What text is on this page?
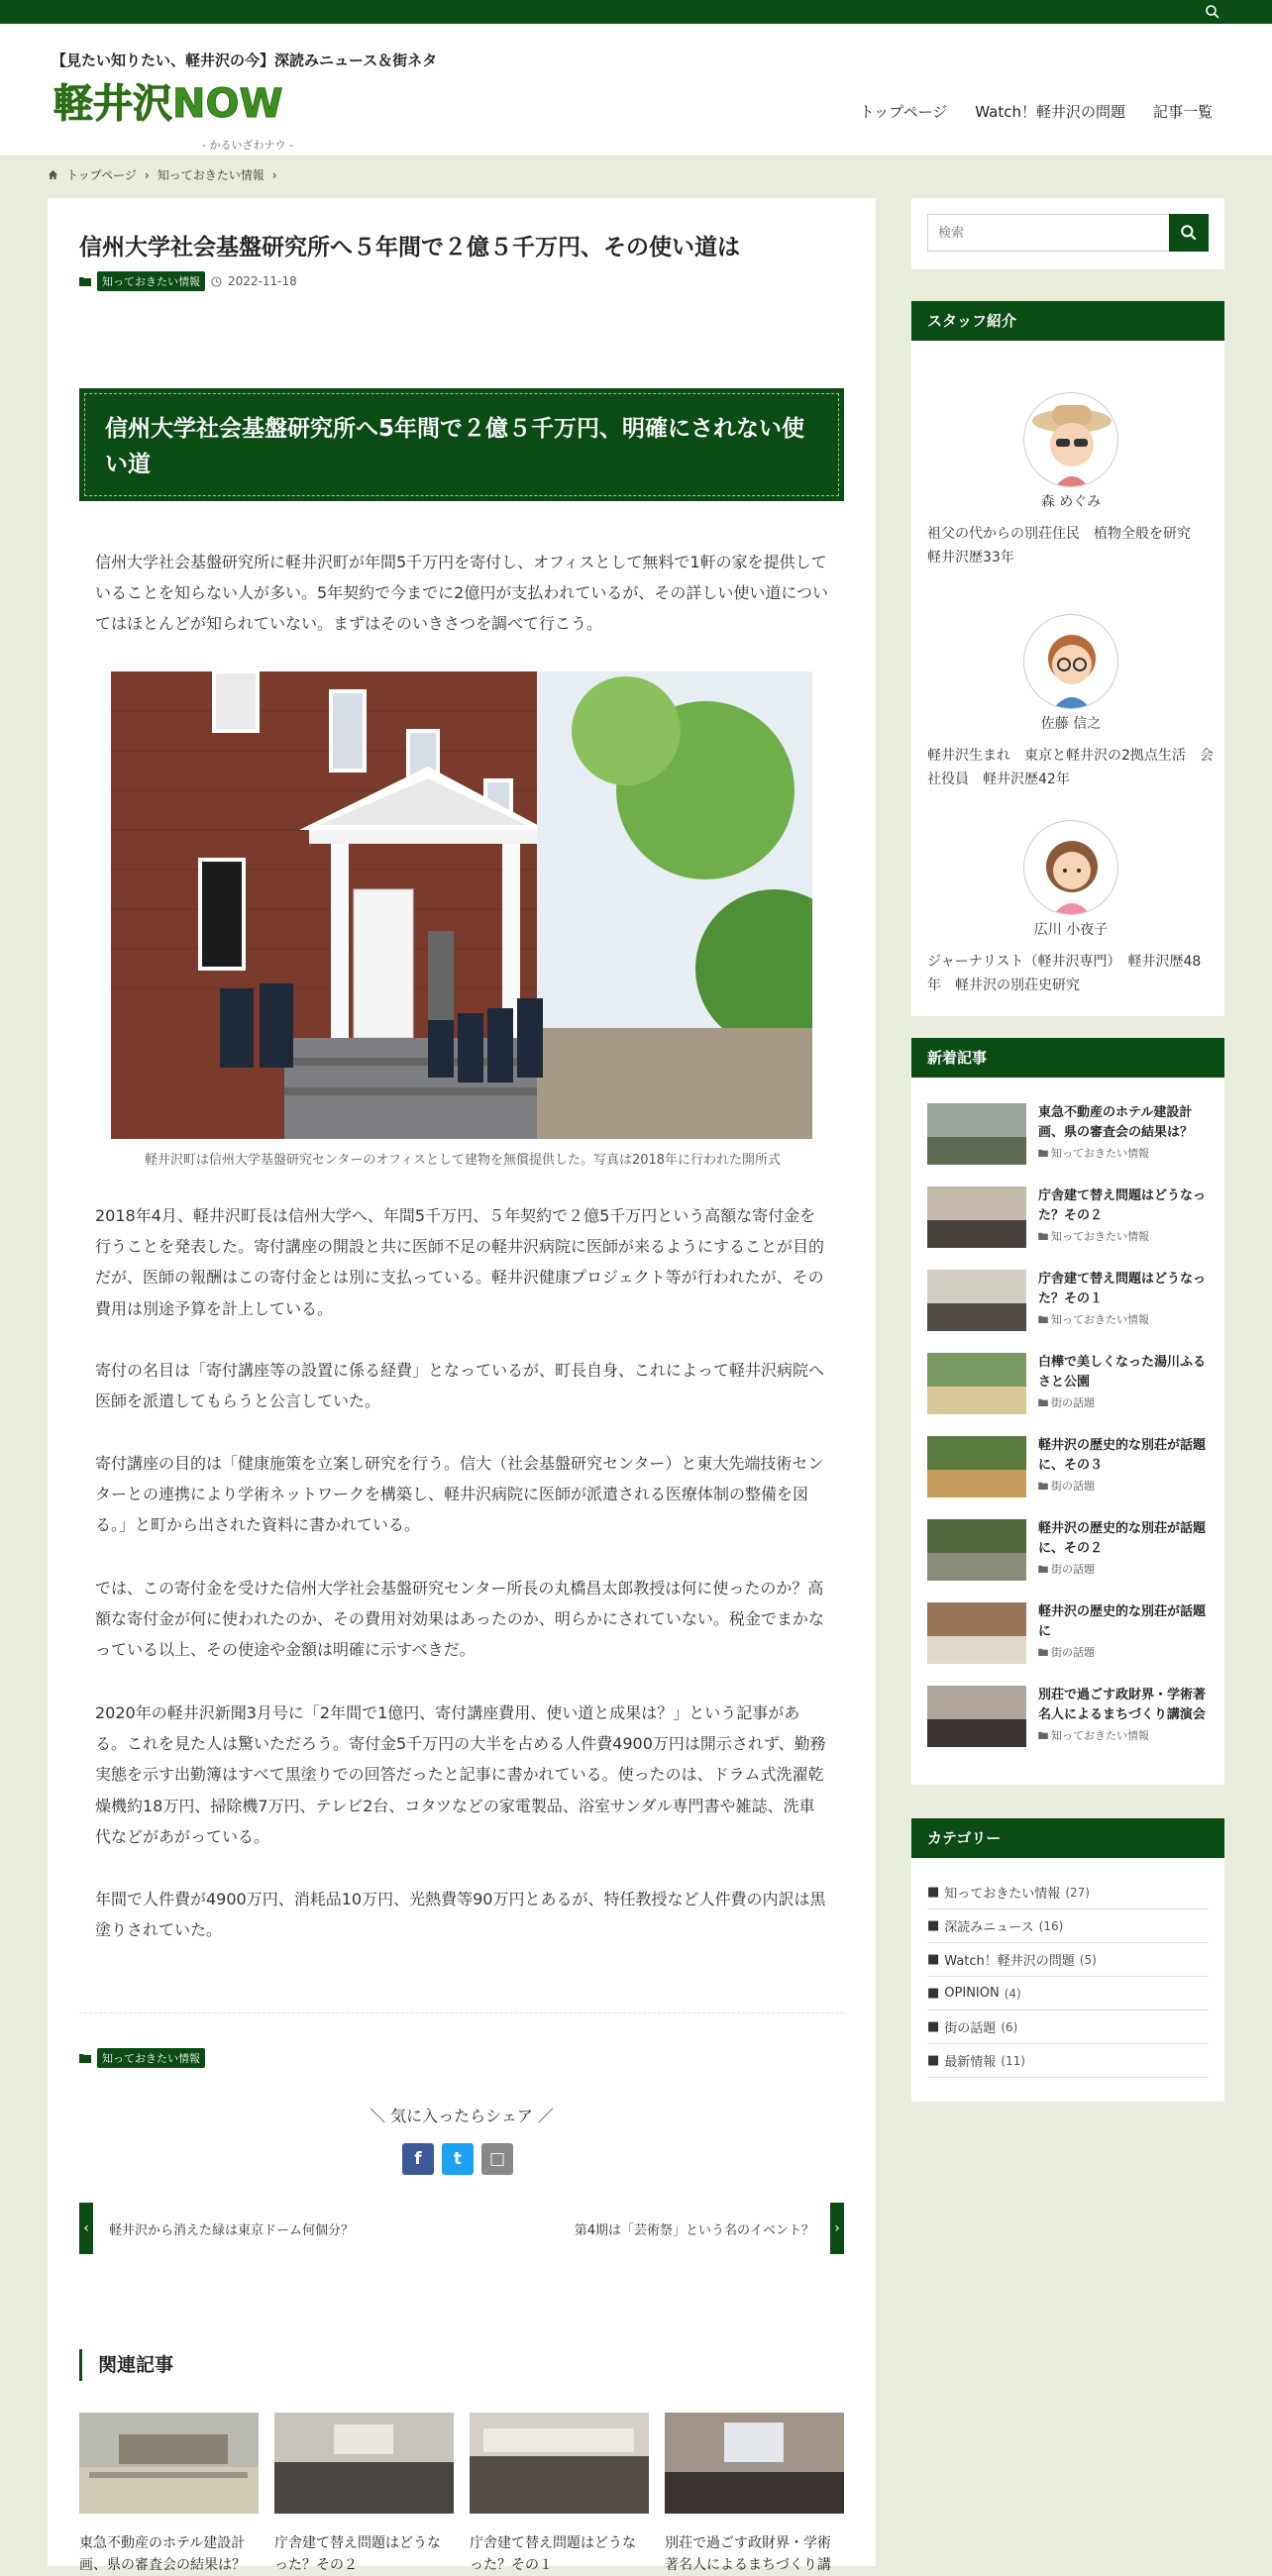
【見たい知りたい、軽井沢の今】深読みニュース＆街ネタ
軽井沢NOW
- かるいざわナウ -
トップページ Watch！軽井沢の問題 記事一覧
トップページ › 知っておきたい情報 ›
信州大学社会基盤研究所へ５年間で２億５千万円、その使い道は
知っておきたい情報	2022-11-18
信州大学社会基盤研究所へ5年間で２億５千万円、明確にされない使い道

信州大学社会基盤研究所に軽井沢町が年間5千万円を寄付し、オフィスとして無料で1軒の家を提供していることを知らない人が多い。5年契約で今までに2億円が支払われているが、その詳しい使い道についてはほとんどが知られていない。まずはそのいきさつを調べて行こう。

軽井沢町は信州大学基盤研究センターのオフィスとして建物を無償提供した。写真は2018年に行われた開所式

2018年4月、軽井沢町長は信州大学へ、年間5千万円、５年契約で２億5千万円という高額な寄付金を行うことを発表した。寄付講座の開設と共に医師不足の軽井沢病院に医師が来るようにすることが目的だが、医師の報酬はこの寄付金とは別に支払っている。軽井沢健康プロジェクト等が行われたが、その費用は別途予算を計上している。

寄付の名目は「寄付講座等の設置に係る経費」となっているが、町長自身、これによって軽井沢病院へ医師を派遣してもらうと公言していた。

寄付講座の目的は「健康施策を立案し研究を行う。信大（社会基盤研究センター）と東大先端技術センターとの連携により学術ネットワークを構築し、軽井沢病院に医師が派遣される医療体制の整備を図る。」と町から出された資料に書かれている。

では、この寄付金を受けた信州大学社会基盤研究センター所長の丸橋昌太郎教授は何に使ったのか？高額な寄付金が何に使われたのか、その費用対効果はあったのか、明らかにされていない。税金でまかなっている以上、その使途や金額は明確に示すべきだ。

2020年の軽井沢新聞3月号に「2年間で1億円、寄付講座費用、使い道と成果は？」という記事がある。これを見た人は驚いただろう。寄付金5千万円の大半を占める人件費4900万円は開示されず、勤務実態を示す出勤簿はすべて黒塗りでの回答だったと記事に書かれている。使ったのは、ドラム式洗濯乾燥機約18万円、掃除機7万円、テレビ2台、コタツなどの家電製品、浴室サンダル専門書や雑誌、洗車代などがあがっている。

年間で人件費が4900万円、消耗品10万円、光熱費等90万円とあるが、特任教授など人件費の内訳は黒塗りされていた。

知っておきたい情報
＼ 気に入ったらシェア ／
f	t	□
‹	軽井沢から消えた緑は東京ドーム何個分？	第4期は「芸術祭」という名のイベント？ ›
関連記事
東急不動産のホテル建設計画、県の審査会の結果は？
庁舎建て替え問題はどうなった？その２
庁舎建て替え問題はどうなった？その１
別荘で過ごす政財界・学術著名人によるまちづくり講
検索
スタッフ紹介
森 めぐみ
祖父の代からの別荘住民　植物全般を研究　軽井沢歴33年
佐藤 信之
軽井沢生まれ　東京と軽井沢の2拠点生活　会社役員　軽井沢歴42年
広川 小夜子
ジャーナリスト（軽井沢専門）　軽井沢歴48年　軽井沢の別荘史研究
新着記事
東急不動産のホテル建設計画、県の審査会の結果は？
知っておきたい情報
庁舎建て替え問題はどうなった？その２
知っておきたい情報
庁舎建て替え問題はどうなった？その１
知っておきたい情報
白樺で美しくなった湯川ふるさと公園
街の話題
軽井沢の歴史的な別荘が話題に、その３
街の話題
軽井沢の歴史的な別荘が話題に、その２
街の話題
軽井沢の歴史的な別荘が話題に
街の話題
別荘で過ごす政財界・学術著名人によるまちづくり講演会
知っておきたい情報
カテゴリー
■ 知っておきたい情報 (27)
■ 深読みニュース (16)
■ Watch！軽井沢の問題 (5)
■ OPINION (4)
■ 街の話題 (6)
■ 最新情報 (11)
